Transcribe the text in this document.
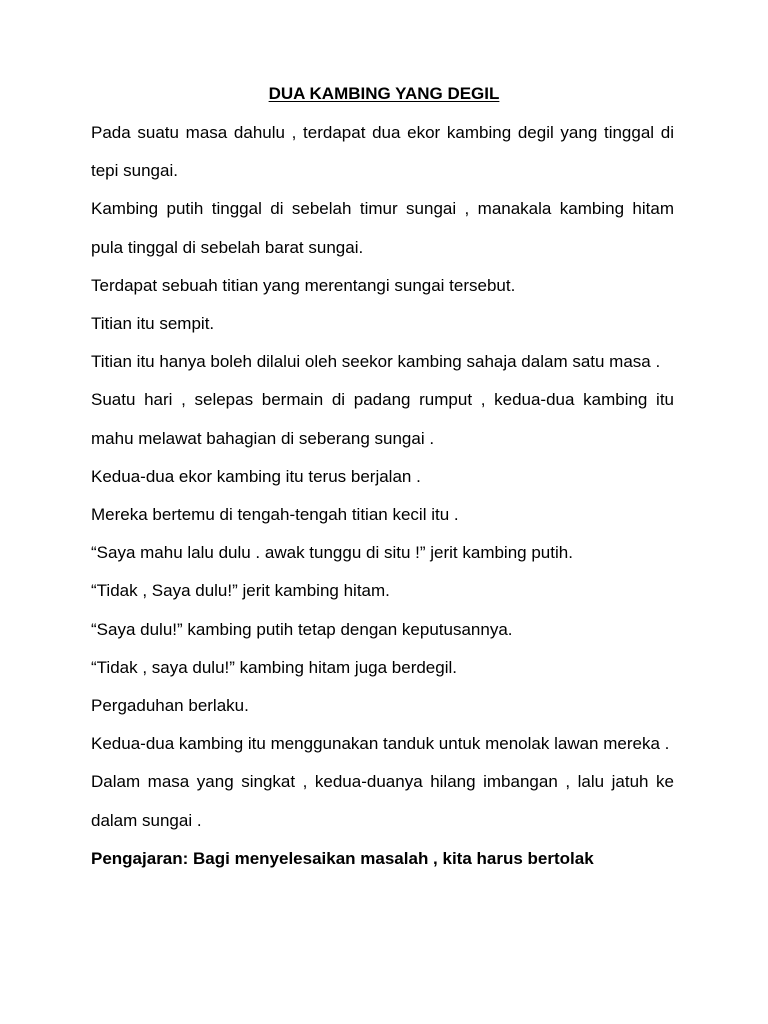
DUA KAMBING YANG DEGIL

Pada suatu masa dahulu , terdapat dua ekor kambing degil yang tinggal di tepi sungai.

Kambing putih tinggal di sebelah timur sungai , manakala kambing hitam pula tinggal di sebelah barat sungai.

Terdapat sebuah titian yang merentangi sungai tersebut.

Titian itu sempit.

Titian itu hanya boleh dilalui oleh seekor kambing sahaja dalam satu masa .

Suatu hari , selepas bermain di padang rumput , kedua-dua kambing itu mahu melawat bahagian di seberang sungai .

Kedua-dua ekor kambing itu terus berjalan .

Mereka bertemu di tengah-tengah titian kecil itu .

“Saya mahu lalu dulu . awak tunggu di situ !” jerit kambing putih.

“Tidak , Saya dulu!” jerit kambing hitam.

“Saya dulu!” kambing putih tetap dengan keputusannya.

“Tidak , saya dulu!” kambing hitam juga berdegil.

Pergaduhan berlaku.

Kedua-dua kambing itu menggunakan tanduk untuk menolak lawan mereka .

Dalam masa yang singkat , kedua-duanya hilang imbangan , lalu jatuh ke dalam sungai .

Pengajaran: Bagi menyelesaikan masalah , kita harus bertolak
